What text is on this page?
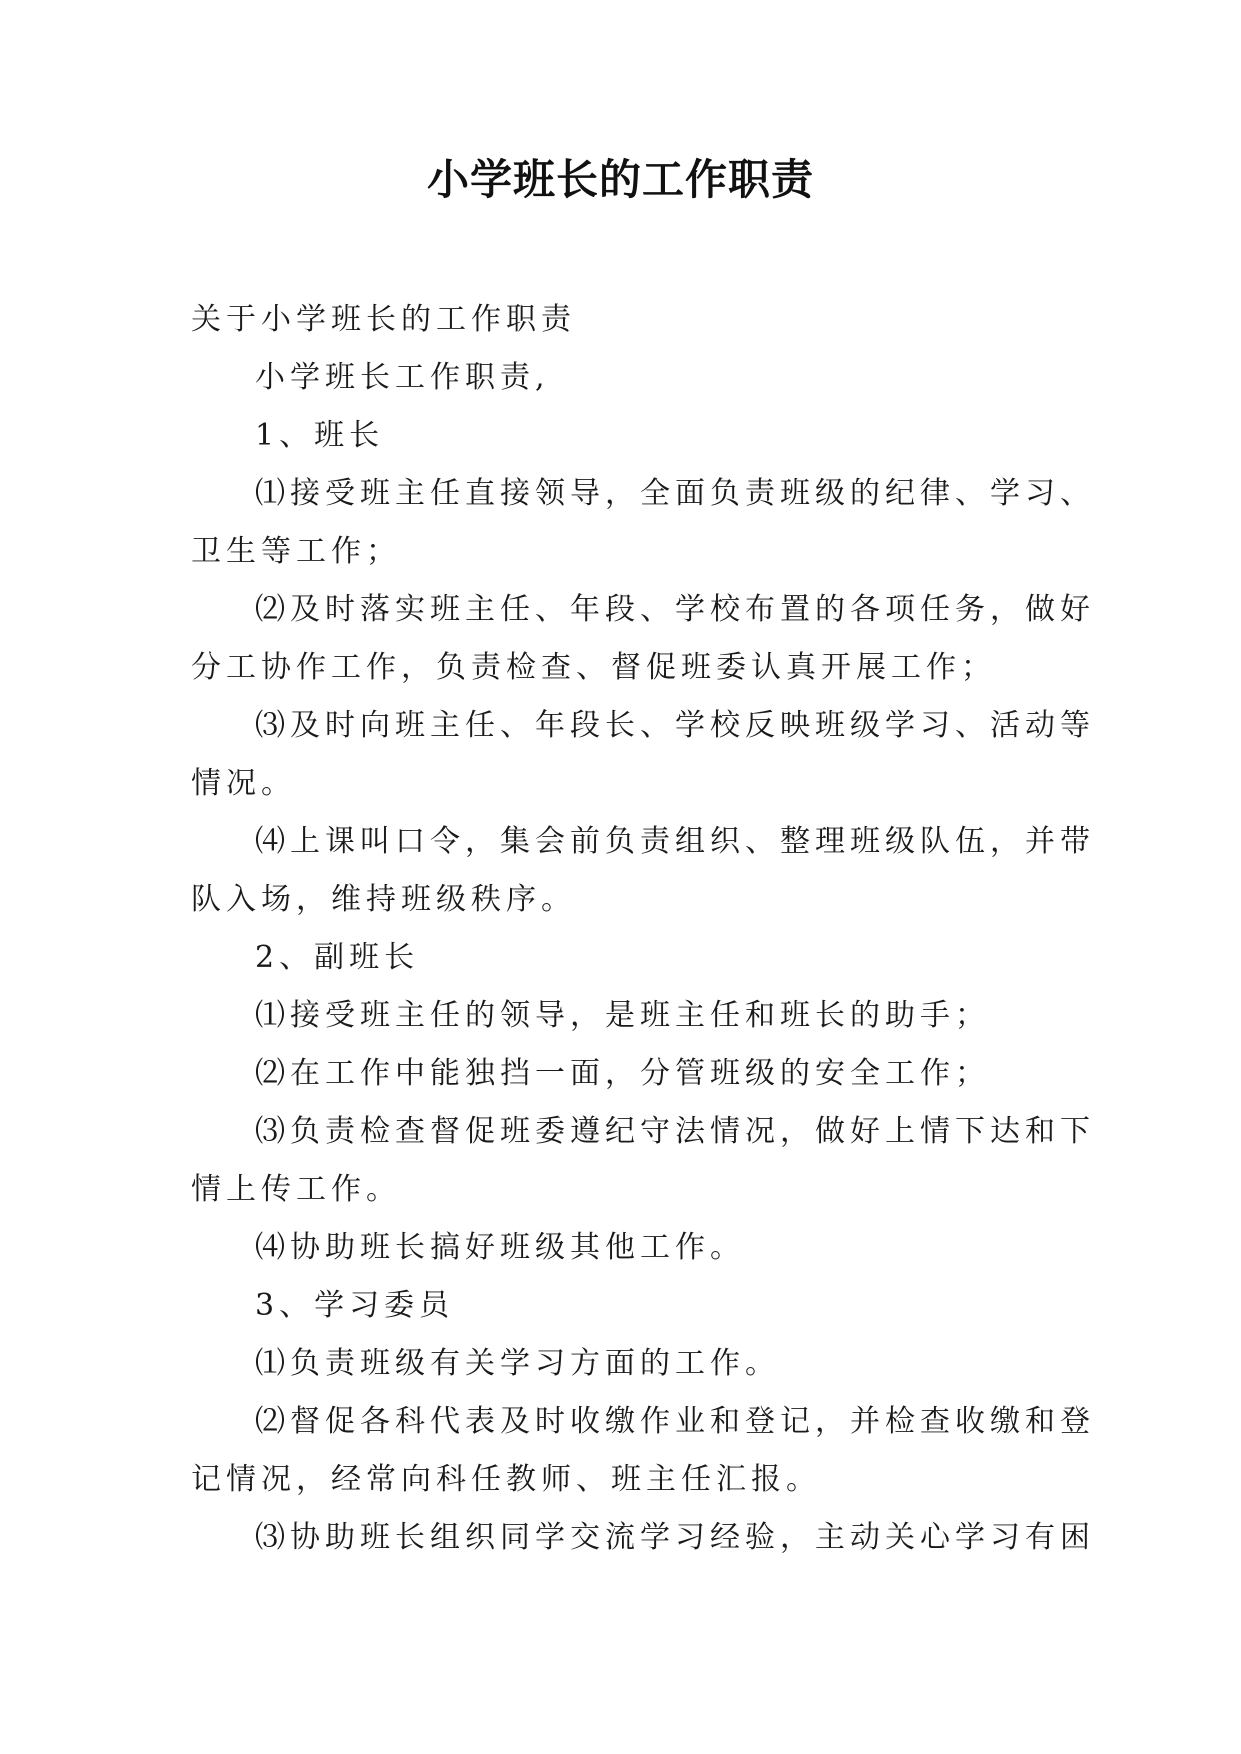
小学班长的工作职责
关于小学班长的工作职责
小学班长工作职责,
1、班长
⑴接受班主任直接领导，全面负责班级的纪律、学习、
卫生等工作；
⑵及时落实班主任、年段、学校布置的各项任务，做好
分工协作工作，负责检查、督促班委认真开展工作；
⑶及时向班主任、年段长、学校反映班级学习、活动等
情况。
⑷上课叫口令，集会前负责组织、整理班级队伍，并带
队入场，维持班级秩序。
2、副班长
⑴接受班主任的领导，是班主任和班长的助手；
⑵在工作中能独挡一面，分管班级的安全工作；
⑶负责检查督促班委遵纪守法情况，做好上情下达和下
情上传工作。
⑷协助班长搞好班级其他工作。
3、学习委员
⑴负责班级有关学习方面的工作。
⑵督促各科代表及时收缴作业和登记，并检查收缴和登
记情况，经常向科任教师、班主任汇报。
⑶协助班长组织同学交流学习经验，主动关心学习有困
